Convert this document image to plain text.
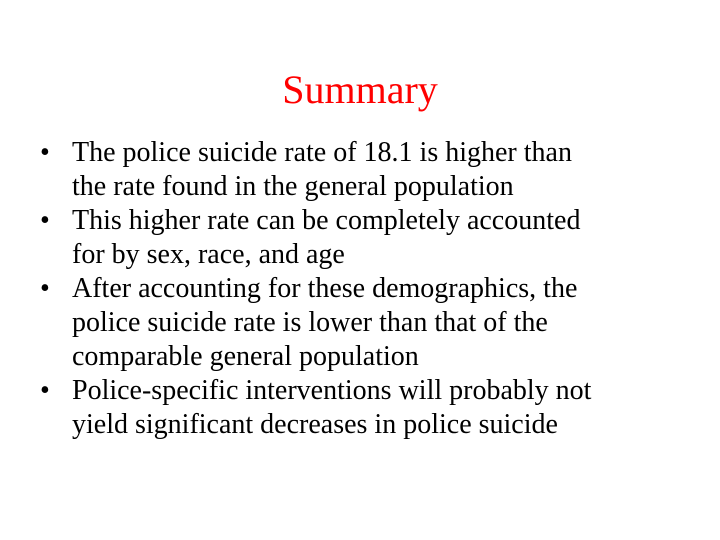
Summary
• The police suicide rate of 18.1 is higher than
the rate found in the general population
• This higher rate can be completely accounted
for by sex, race, and age
• After accounting for these demographics, the
police suicide rate is lower than that of the
comparable general population
• Police-specific interventions will probably not
yield significant decreases in police suicide
